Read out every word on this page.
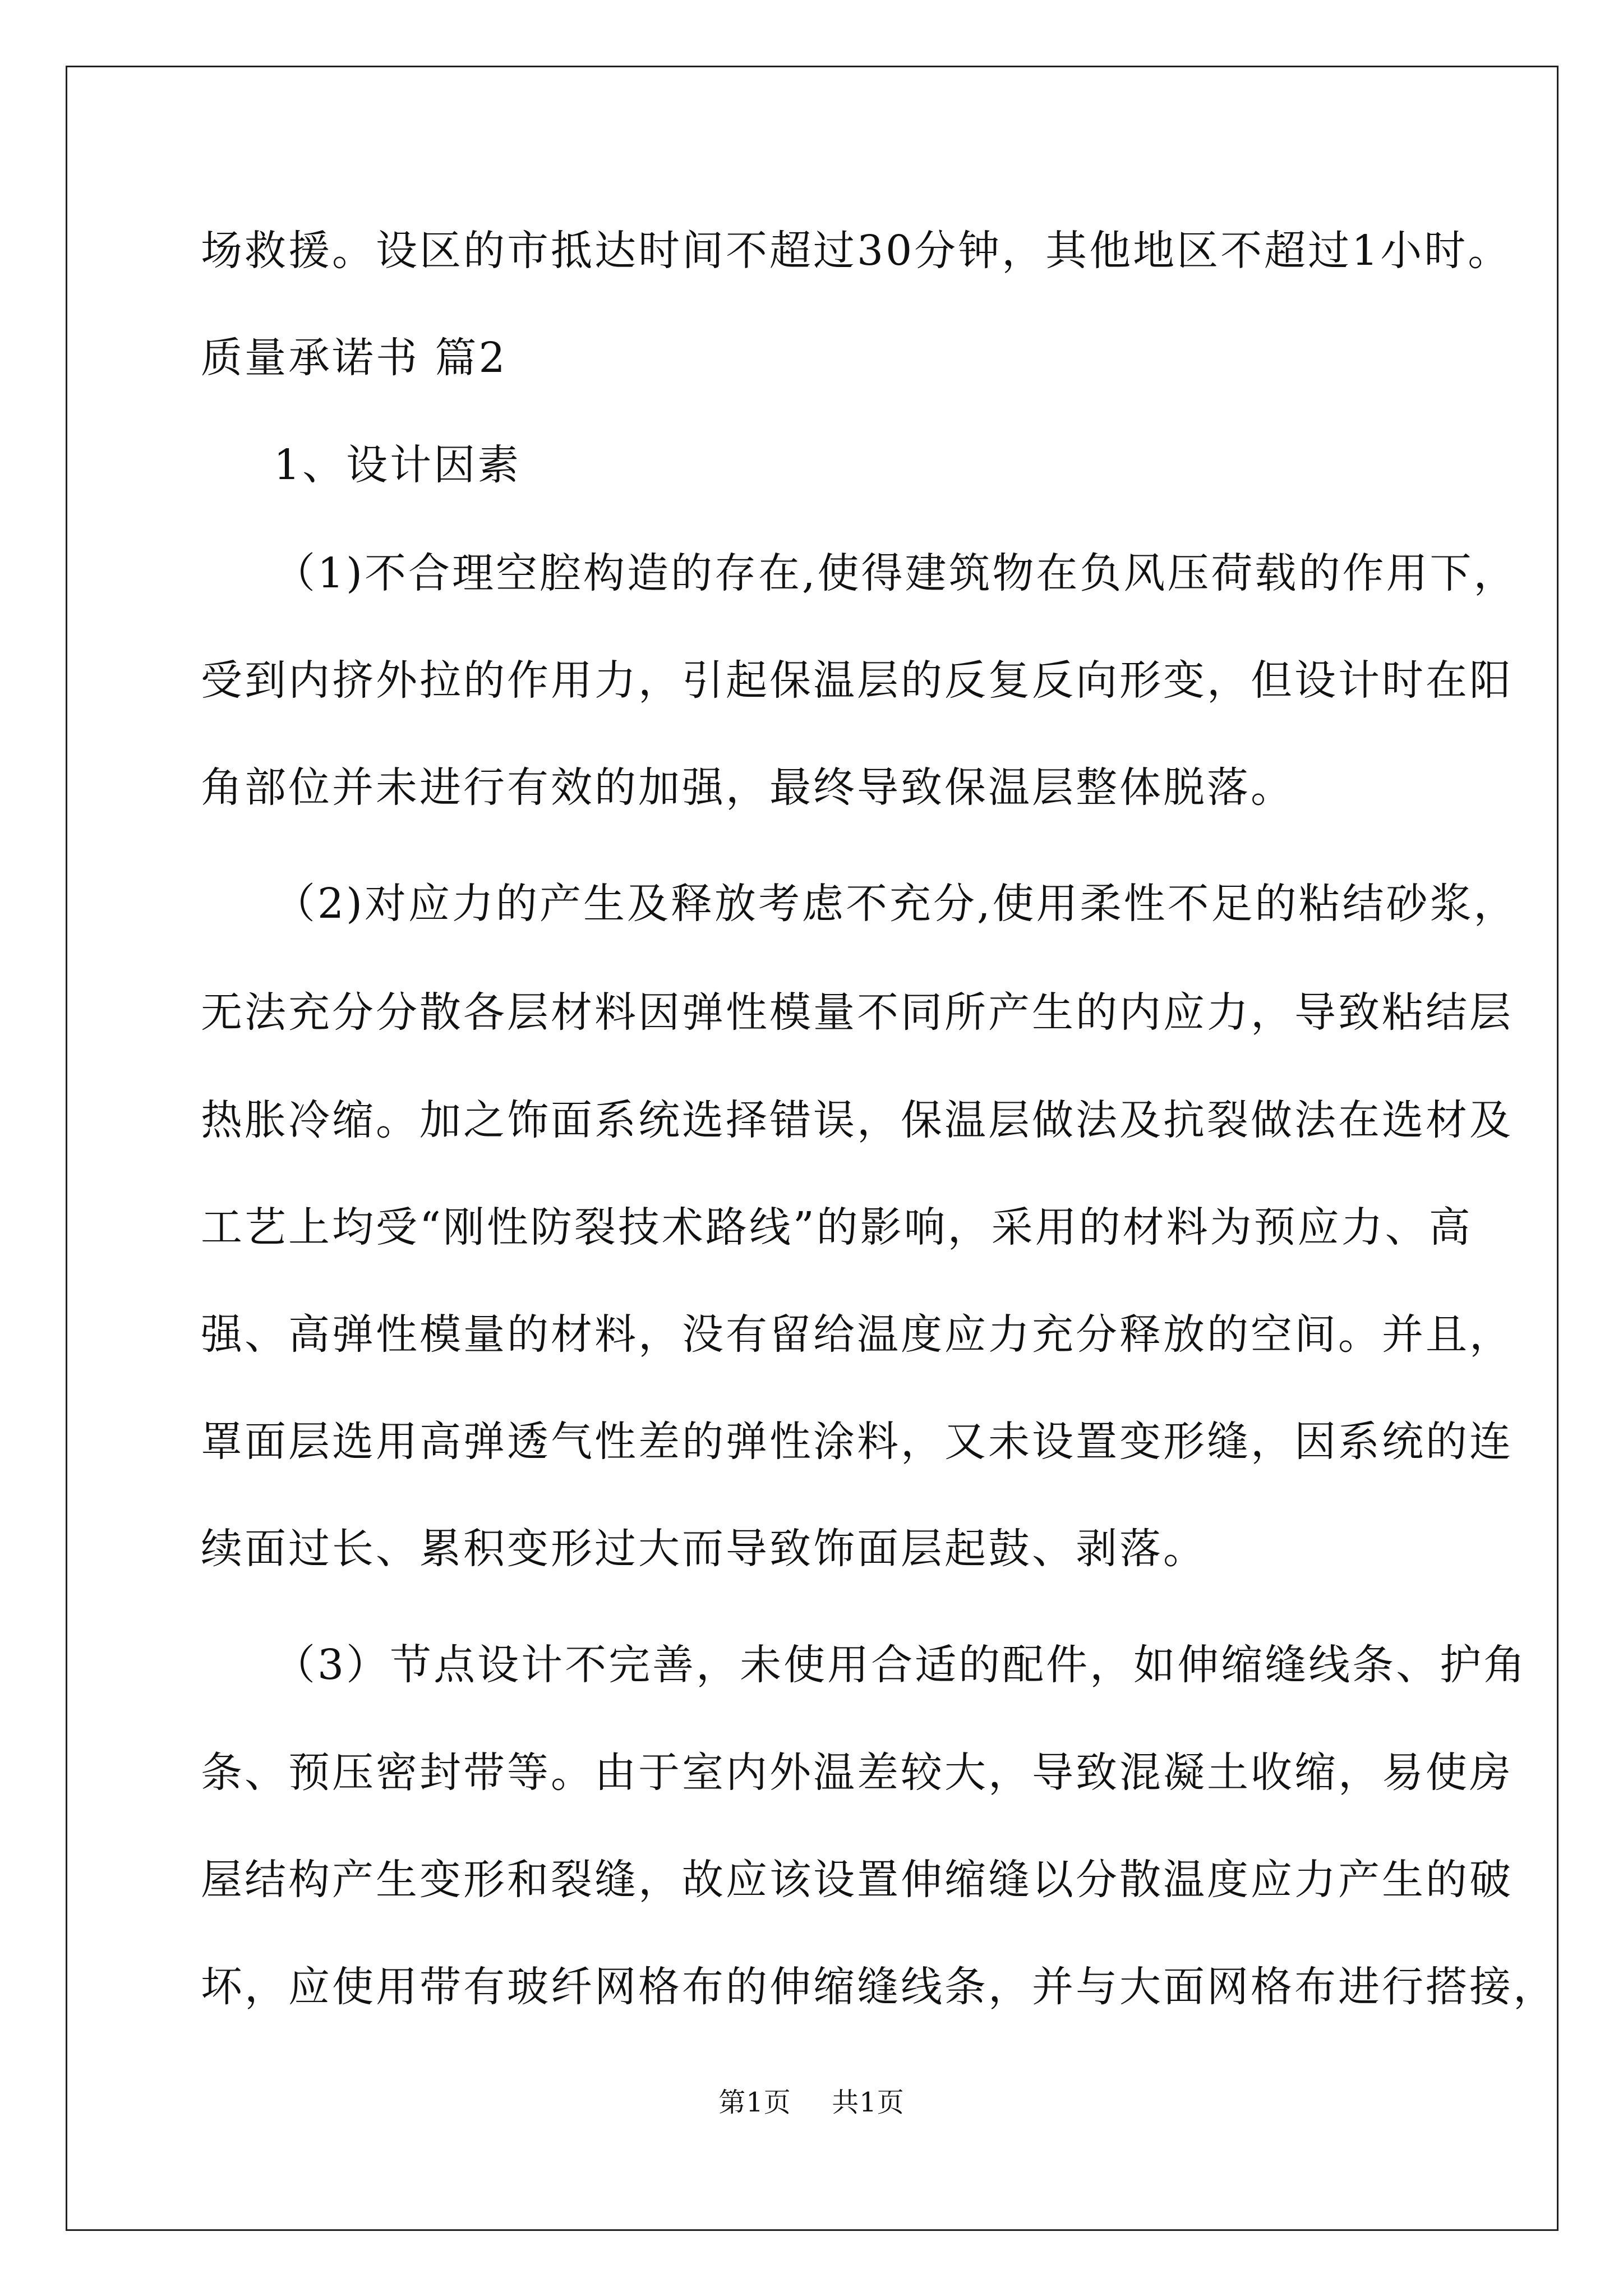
场救援。设区的市抵达时间不超过30分钟，其他地区不超过1小时。
质量承诺书 篇2
1、设计因素
（1)不合理空腔构造的存在,使得建筑物在负风压荷载的作用下，
受到内挤外拉的作用力，引起保温层的反复反向形变，但设计时在阳
角部位并未进行有效的加强，最终导致保温层整体脱落。
（2)对应力的产生及释放考虑不充分,使用柔性不足的粘结砂浆，
无法充分分散各层材料因弹性模量不同所产生的内应力，导致粘结层
热胀冷缩。加之饰面系统选择错误，保温层做法及抗裂做法在选材及
工艺上均受“刚性防裂技术路线”的影响，采用的材料为预应力、高
强、高弹性模量的材料，没有留给温度应力充分释放的空间。并且，
罩面层选用高弹透气性差的弹性涂料，又未设置变形缝，因系统的连
续面过长、累积变形过大而导致饰面层起鼓、剥落。
（3）节点设计不完善，未使用合适的配件，如伸缩缝线条、护角
条、预压密封带等。由于室内外温差较大，导致混凝土收缩，易使房
屋结构产生变形和裂缝，故应该设置伸缩缝以分散温度应力产生的破
坏，应使用带有玻纤网格布的伸缩缝线条，并与大面网格布进行搭接，
第1页 共1页
